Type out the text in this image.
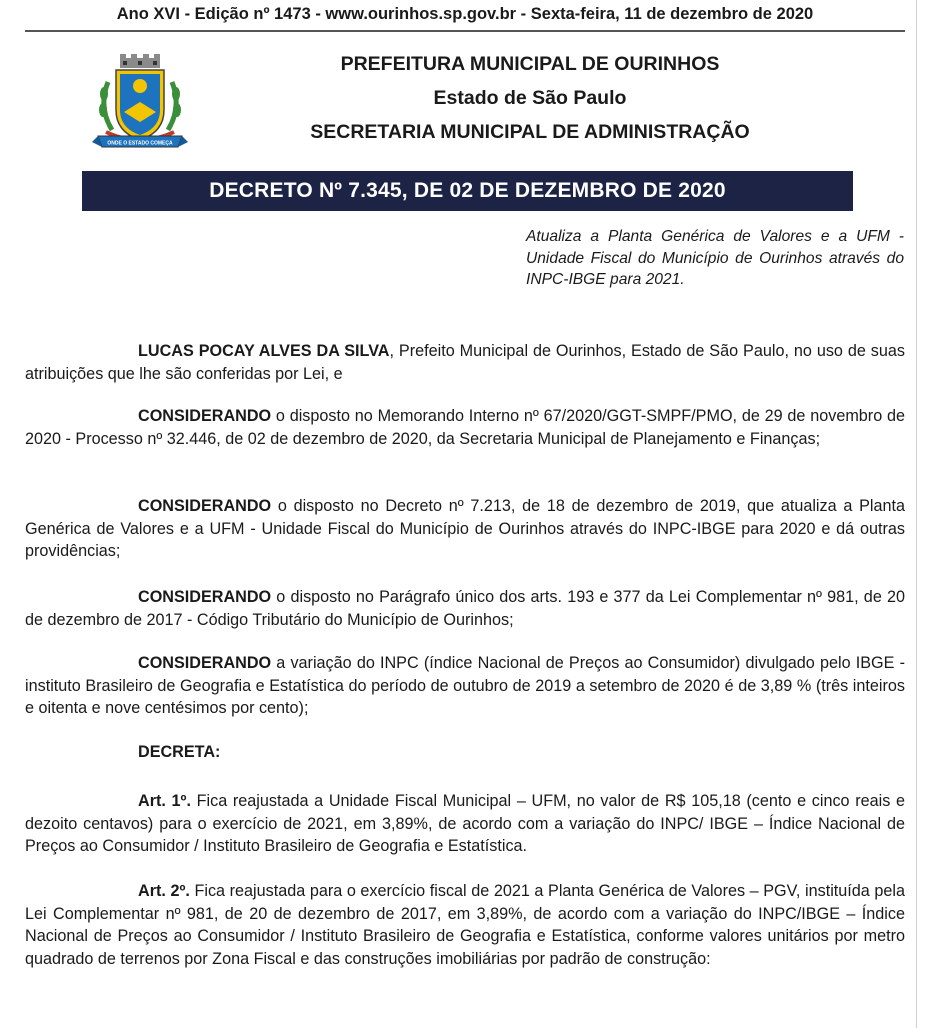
Ano XVI - Edição nº 1473 - www.ourinhos.sp.gov.br - Sexta-feira, 11 de dezembro de 2020
ONDE O ESTADO COMEÇA
PREFEITURA MUNICIPAL DE OURINHOS
Estado de São Paulo
SECRETARIA MUNICIPAL DE ADMINISTRAÇÃO
DECRETO Nº 7.345, DE 02 DE DEZEMBRO DE 2020
Atualiza a Planta Genérica de Valores e a UFM - Unidade Fiscal do Município de Ourinhos através do INPC-IBGE para 2021.
LUCAS POCAY ALVES DA SILVA, Prefeito Municipal de Ourinhos, Estado de São Paulo, no uso de suas atribuições que lhe são conferidas por Lei, e
CONSIDERANDO o disposto no Memorando Interno nº 67/2020/GGT-SMPF/PMO, de 29 de novembro de 2020 - Processo nº 32.446, de 02 de dezembro de 2020, da Secretaria Municipal de Planejamento e Finanças;
CONSIDERANDO o disposto no Decreto nº 7.213, de 18 de dezembro de 2019, que atualiza a Planta Genérica de Valores e a UFM - Unidade Fiscal do Município de Ourinhos através do INPC-IBGE para 2020 e dá outras providências;
CONSIDERANDO o disposto no Parágrafo único dos arts. 193 e 377 da Lei Complementar nº 981, de 20 de dezembro de 2017 - Código Tributário do Município de Ourinhos;
CONSIDERANDO a variação do INPC (índice Nacional de Preços ao Consumidor) divulgado pelo IBGE - instituto Brasileiro de Geografia e Estatística do período de outubro de 2019 a setembro de 2020 é de 3,89 % (três inteiros e oitenta e nove centésimos por cento);
DECRETA:
Art. 1º. Fica reajustada a Unidade Fiscal Municipal – UFM, no valor de R$ 105,18 (cento e cinco reais e dezoito centavos) para o exercício de 2021, em 3,89%, de acordo com a variação do INPC/ IBGE – Índice Nacional de Preços ao Consumidor / Instituto Brasileiro de Geografia e Estatística.
Art. 2º. Fica reajustada para o exercício fiscal de 2021 a Planta Genérica de Valores – PGV, instituída pela Lei Complementar nº 981, de 20 de dezembro de 2017, em 3,89%, de acordo com a variação do INPC/IBGE – Índice Nacional de Preços ao Consumidor / Instituto Brasileiro de Geografia e Estatística, conforme valores unitários por metro quadrado de terrenos por Zona Fiscal e das construções imobiliárias por padrão de construção:
